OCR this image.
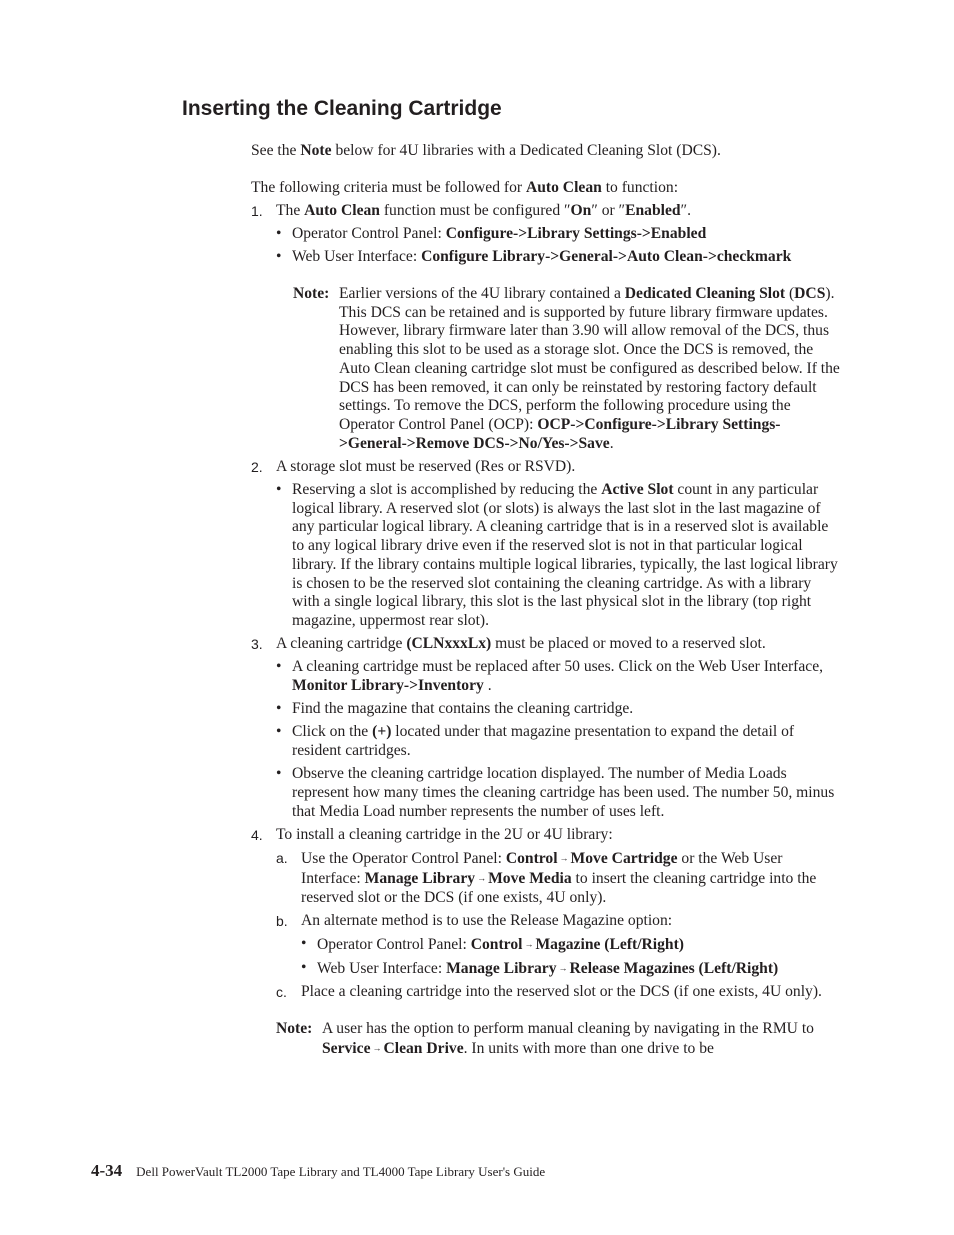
Inserting the Cleaning Cartridge

See the Note below for 4U libraries with a Dedicated Cleaning Slot (DCS).

The following criteria must be followed for Auto Clean to function:

1. The Auto Clean function must be configured ″On″ or ″Enabled″.
• Operator Control Panel: Configure->Library Settings->Enabled
• Web User Interface: Configure Library->General->Auto Clean->checkmark
Note: Earlier versions of the 4U library contained a Dedicated Cleaning Slot (DCS). This DCS can be retained and is supported by future library firmware updates. However, library firmware later than 3.90 will allow removal of the DCS, thus enabling this slot to be used as a storage slot. Once the DCS is removed, the Auto Clean cleaning cartridge slot must be configured as described below. If the DCS has been removed, it can only be reinstated by restoring factory default settings. To remove the DCS, perform the following procedure using the Operator Control Panel (OCP): OCP->Configure->Library Settings->General->Remove DCS->No/Yes->Save.
2. A storage slot must be reserved (Res or RSVD).
• Reserving a slot is accomplished by reducing the Active Slot count in any particular logical library. A reserved slot (or slots) is always the last slot in the last magazine of any particular logical library. A cleaning cartridge that is in a reserved slot is available to any logical library drive even if the reserved slot is not in that particular logical library. If the library contains multiple logical libraries, typically, the last logical library is chosen to be the reserved slot containing the cleaning cartridge. As with a library with a single logical library, this slot is the last physical slot in the library (top right magazine, uppermost rear slot).
3. A cleaning cartridge (CLNxxxLx) must be placed or moved to a reserved slot.
• A cleaning cartridge must be replaced after 50 uses. Click on the Web User Interface, Monitor Library->Inventory .
• Find the magazine that contains the cleaning cartridge.
• Click on the (+) located under that magazine presentation to expand the detail of resident cartridges.
• Observe the cleaning cartridge location displayed. The number of Media Loads represent how many times the cleaning cartridge has been used. The number 50, minus that Media Load number represents the number of uses left.
4. To install a cleaning cartridge in the 2U or 4U library:
a. Use the Operator Control Panel: Control → Move Cartridge or the Web User Interface: Manage Library → Move Media to insert the cleaning cartridge into the reserved slot or the DCS (if one exists, 4U only).
b. An alternate method is to use the Release Magazine option:
• Operator Control Panel: Control → Magazine (Left/Right)
• Web User Interface: Manage Library → Release Magazines (Left/Right)
c. Place a cleaning cartridge into the reserved slot or the DCS (if one exists, 4U only).
Note: A user has the option to perform manual cleaning by navigating in the RMU to Service → Clean Drive. In units with more than one drive to be
4-34 Dell PowerVault TL2000 Tape Library and TL4000 Tape Library User's Guide
